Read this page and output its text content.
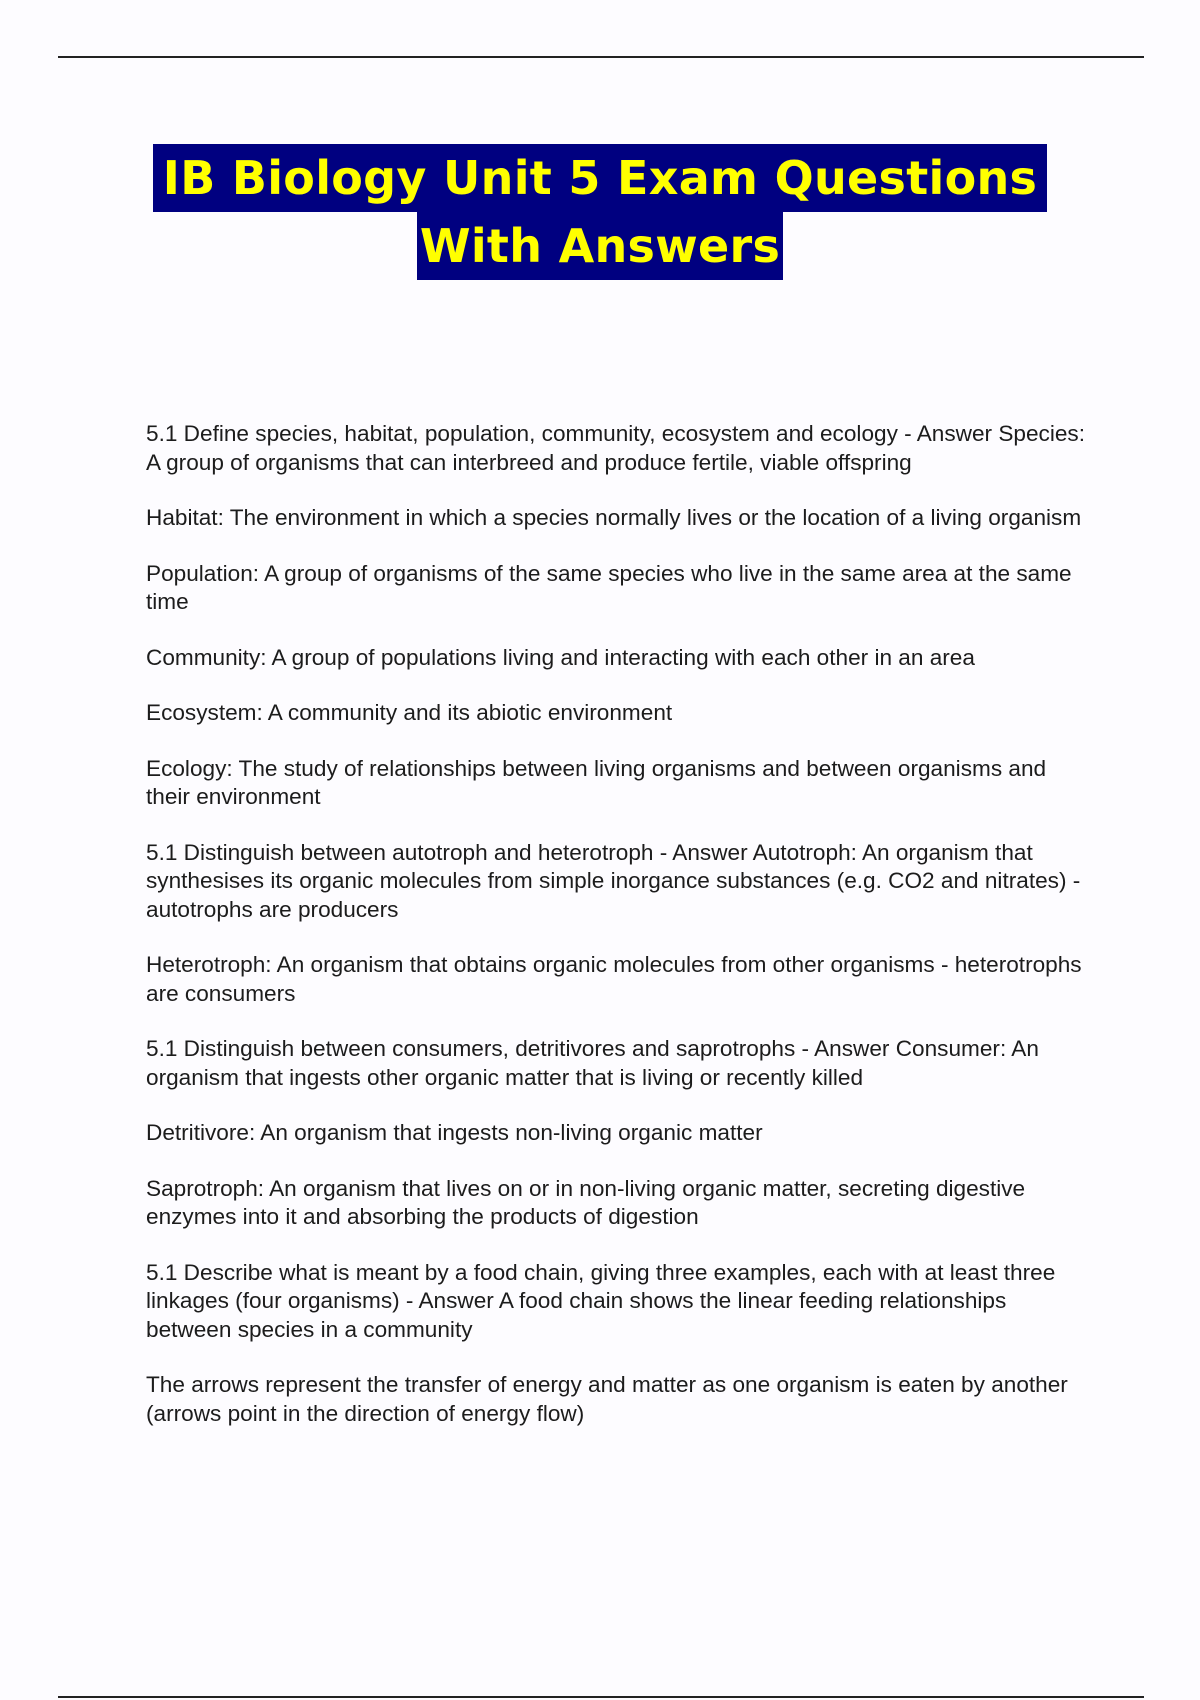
IB Biology Unit 5 Exam Questions
With Answers

5.1 Define species, habitat, population, community, ecosystem and ecology - Answer Species: A group of organisms that can interbreed and produce fertile, viable offspring

Habitat: The environment in which a species normally lives or the location of a living organism

Population: A group of organisms of the same species who live in the same area at the same time

Community: A group of populations living and interacting with each other in an area

Ecosystem: A community and its abiotic environment

Ecology: The study of relationships between living organisms and between organisms and their environment

5.1 Distinguish between autotroph and heterotroph - Answer Autotroph: An organism that synthesises its organic molecules from simple inorgance substances (e.g. CO2 and nitrates) - autotrophs are producers

Heterotroph: An organism that obtains organic molecules from other organisms - heterotrophs are consumers

5.1 Distinguish between consumers, detritivores and saprotrophs - Answer Consumer: An organism that ingests other organic matter that is living or recently killed

Detritivore: An organism that ingests non-living organic matter

Saprotroph: An organism that lives on or in non-living organic matter, secreting digestive enzymes into it and absorbing the products of digestion

5.1 Describe what is meant by a food chain, giving three examples, each with at least three linkages (four organisms) - Answer A food chain shows the linear feeding relationships between species in a community

The arrows represent the transfer of energy and matter as one organism is eaten by another (arrows point in the direction of energy flow)
